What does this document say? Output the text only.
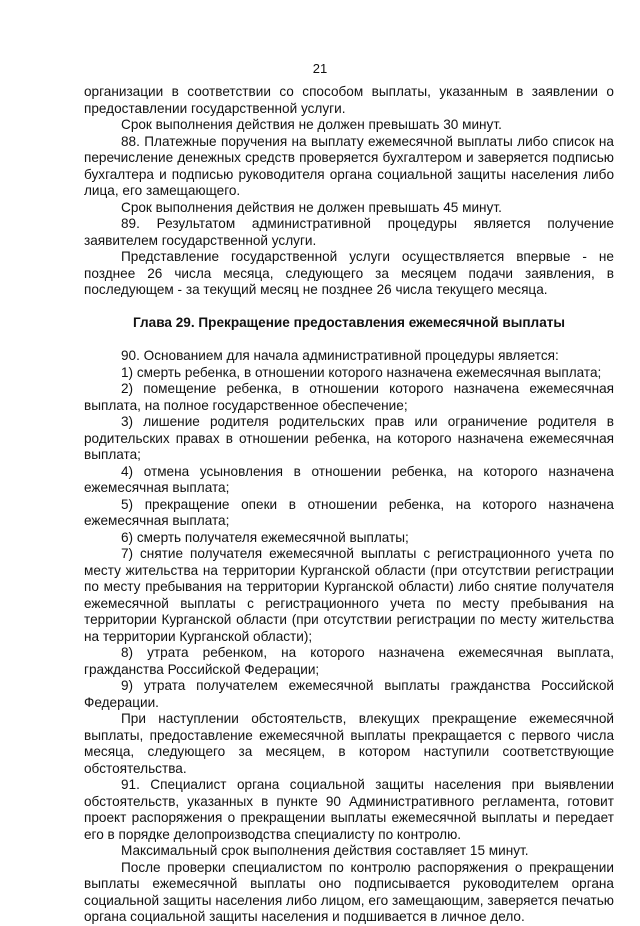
21

организации в соответствии со способом выплаты, указанным в заявлении о предоставлении государственной услуги.

Срок выполнения действия не должен превышать 30 минут.

88. Платежные поручения на выплату ежемесячной выплаты либо список на перечисление денежных средств проверяется бухгалтером и заверяется подписью бухгалтера и подписью руководителя органа социальной защиты населения либо лица, его замещающего.

Срок выполнения действия не должен превышать 45 минут.

89. Результатом административной процедуры является получение заявителем государственной услуги.

Представление государственной услуги осуществляется впервые - не позднее 26 числа месяца, следующего за месяцем подачи заявления, в последующем - за текущий месяц не позднее 26 числа текущего месяца.

Глава 29. Прекращение предоставления ежемесячной выплаты

90. Основанием для начала административной процедуры является:

1) смерть ребенка, в отношении которого назначена ежемесячная выплата;

2) помещение ребенка, в отношении которого назначена ежемесячная выплата, на полное государственное обеспечение;

3) лишение родителя родительских прав или ограничение родителя в родительских правах в отношении ребенка, на которого назначена ежемесячная выплата;

4) отмена усыновления в отношении ребенка, на которого назначена ежемесячная выплата;

5) прекращение опеки в отношении ребенка, на которого назначена ежемесячная выплата;

6) смерть получателя ежемесячной выплаты;

7) снятие получателя ежемесячной выплаты с регистрационного учета по месту жительства на территории Курганской области (при отсутствии регистрации по месту пребывания на территории Курганской области) либо снятие получателя ежемесячной выплаты с регистрационного учета по месту пребывания на территории Курганской области (при отсутствии регистрации по месту жительства на территории Курганской области);

8) утрата ребенком, на которого назначена ежемесячная выплата, гражданства Российской Федерации;

9) утрата получателем ежемесячной выплаты гражданства Российской Федерации.

При наступлении обстоятельств, влекущих прекращение ежемесячной выплаты, предоставление ежемесячной выплаты прекращается с первого числа месяца, следующего за месяцем, в котором наступили соответствующие обстоятельства.

91. Специалист органа социальной защиты населения при выявлении обстоятельств, указанных в пункте 90 Административного регламента, готовит проект распоряжения о прекращении выплаты ежемесячной выплаты и передает его в порядке делопроизводства специалисту по контролю.

Максимальный срок выполнения действия составляет 15 минут.

После проверки специалистом по контролю распоряжения о прекращении выплаты ежемесячной выплаты оно подписывается руководителем органа социальной защиты населения либо лицом, его замещающим, заверяется печатью органа социальной защиты населения и подшивается в личное дело.
